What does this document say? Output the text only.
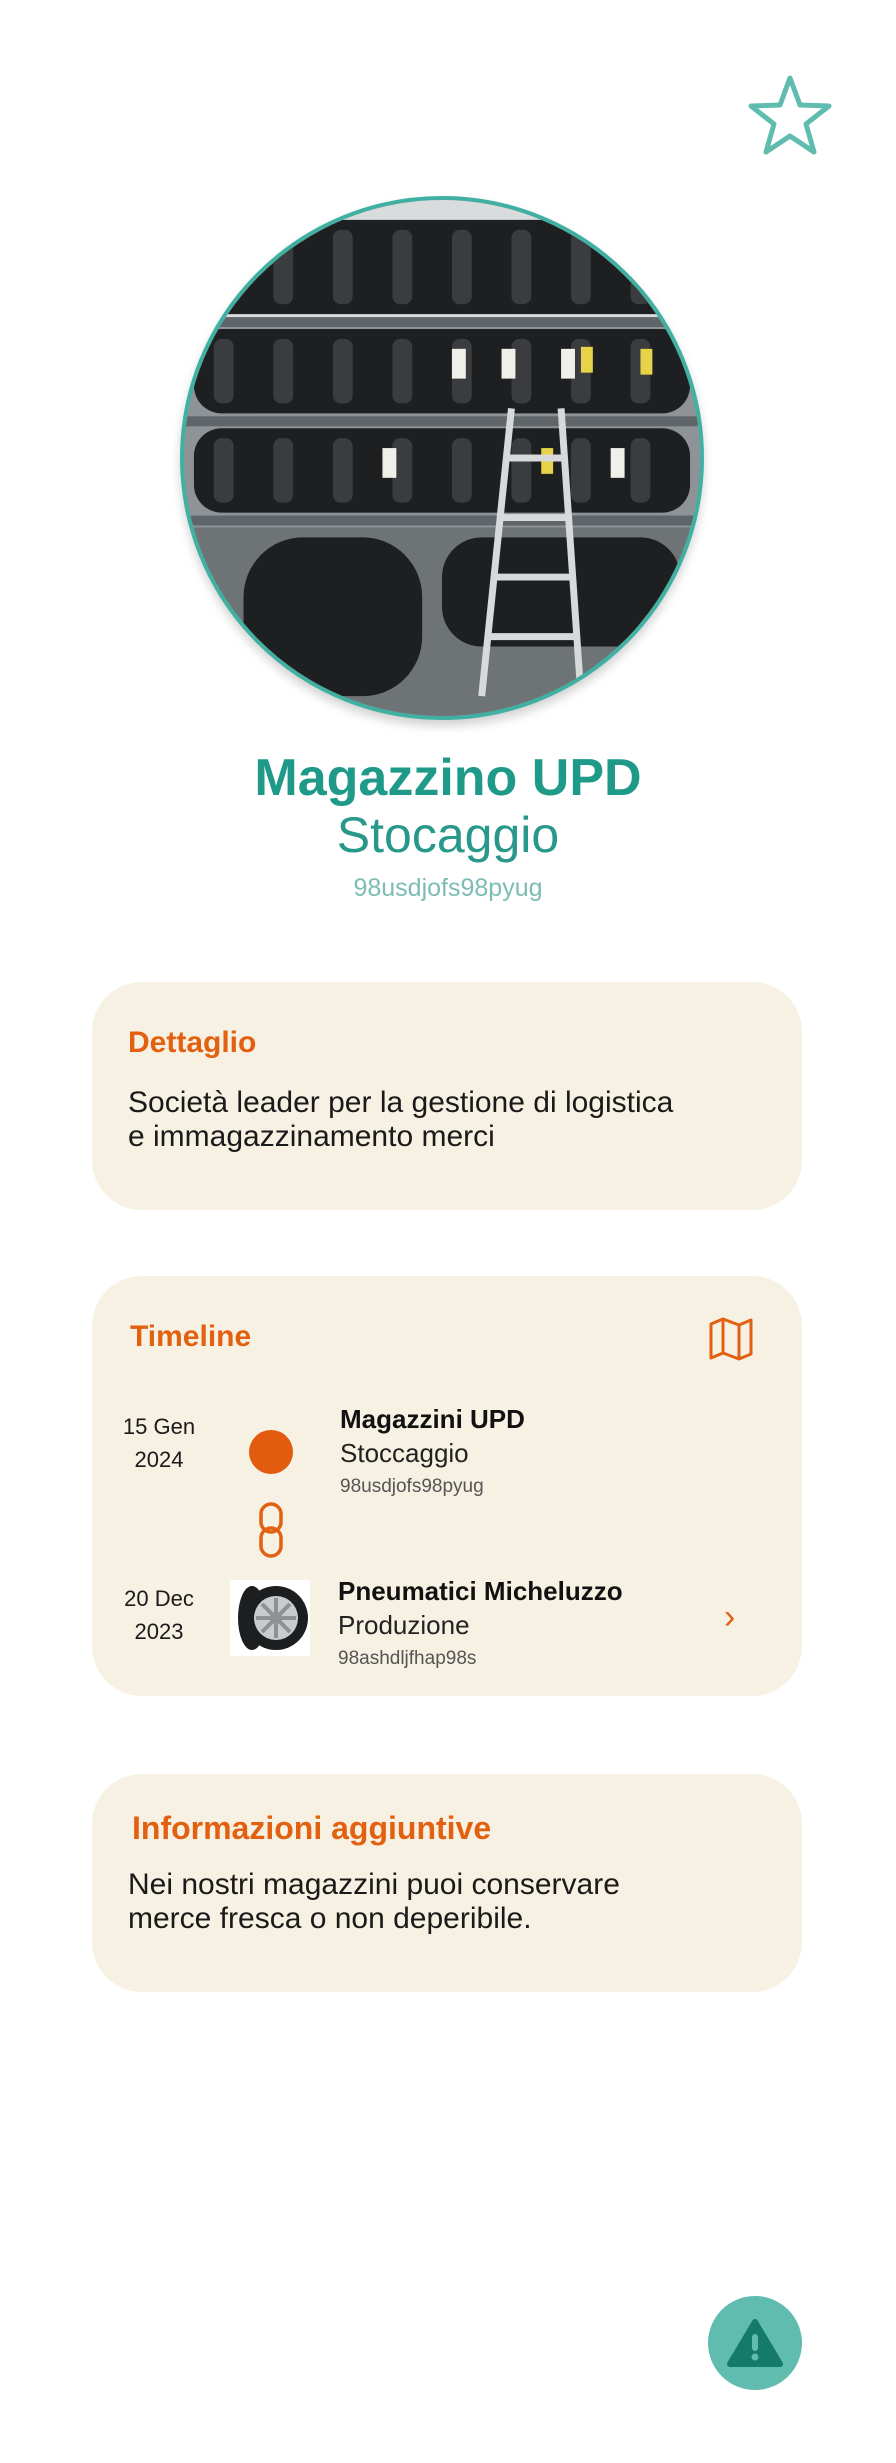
Magazzino UPD
Stocaggio
98usdjofs98pyug
Dettaglio
Società leader per la gestione di logistica
e immagazzinamento merci
Timeline
15 Gen
2024
Magazzini UPD
Stoccaggio
98usdjofs98pyug
20 Dec
2023
Pneumatici Micheluzzo
Produzione
98ashdljfhap98s
›
Informazioni aggiuntive
Nei nostri magazzini puoi conservare
merce fresca o non deperibile.
